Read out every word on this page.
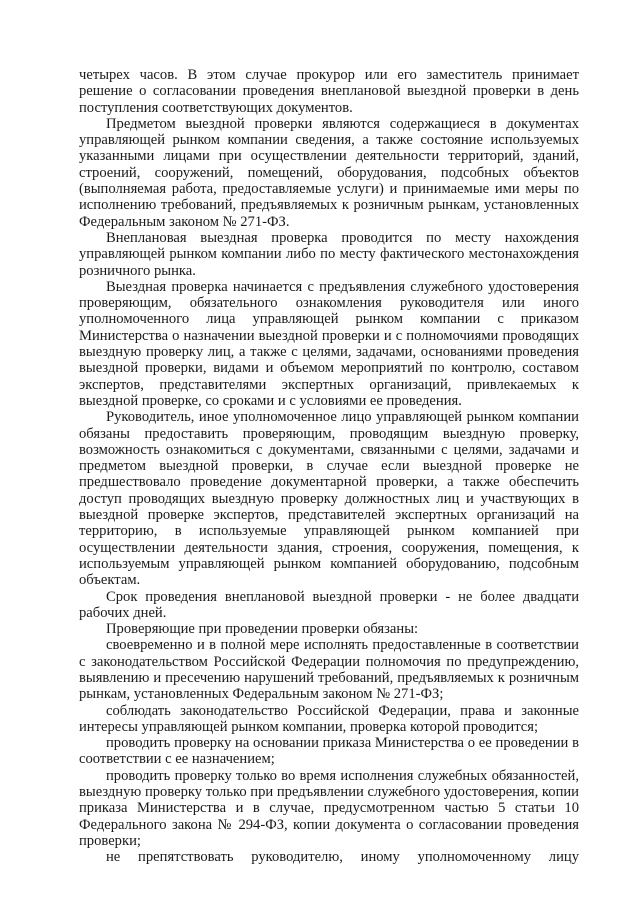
четырех часов. В этом случае прокурор или его заместитель принимает решение о согласовании проведения внеплановой выездной проверки в день поступления соответствующих документов.

Предметом выездной проверки являются содержащиеся в документах управляющей рынком компании сведения, а также состояние используемых указанными лицами при осуществлении деятельности территорий, зданий, строений, сооружений, помещений, оборудования, подсобных объектов (выполняемая работа, предоставляемые услуги) и принимаемые ими меры по исполнению требований, предъявляемых к розничным рынкам, установленных Федеральным законом № 271-ФЗ.

Внеплановая выездная проверка проводится по месту нахождения управляющей рынком компании либо по месту фактического местонахождения розничного рынка.

Выездная проверка начинается с предъявления служебного удостоверения проверяющим, обязательного ознакомления руководителя или иного уполномоченного лица управляющей рынком компании с приказом Министерства о назначении выездной проверки и с полномочиями проводящих выездную проверку лиц, а также с целями, задачами, основаниями проведения выездной проверки, видами и объемом мероприятий по контролю, составом экспертов, представителями экспертных организаций, привлекаемых к выездной проверке, со сроками и с условиями ее проведения.

Руководитель, иное уполномоченное лицо управляющей рынком компании обязаны предоставить проверяющим, проводящим выездную проверку, возможность ознакомиться с документами, связанными с целями, задачами и предметом выездной проверки, в случае если выездной проверке не предшествовало проведение документарной проверки, а также обеспечить доступ проводящих выездную проверку должностных лиц и участвующих в выездной проверке экспертов, представителей экспертных организаций на территорию, в используемые управляющей рынком компанией при осуществлении деятельности здания, строения, сооружения, помещения, к используемым управляющей рынком компанией оборудованию, подсобным объектам.

Срок проведения внеплановой выездной проверки - не более двадцати рабочих дней.

Проверяющие при проведении проверки обязаны:

своевременно и в полной мере исполнять предоставленные в соответствии с законодательством Российской Федерации полномочия по предупреждению, выявлению и пресечению нарушений требований, предъявляемых к розничным рынкам, установленных Федеральным законом № 271-ФЗ;

соблюдать законодательство Российской Федерации, права и законные интересы управляющей рынком компании, проверка которой проводится;

проводить проверку на основании приказа Министерства о ее проведении в соответствии с ее назначением;

проводить проверку только во время исполнения служебных обязанностей, выездную проверку только при предъявлении служебного удостоверения, копии приказа Министерства и в случае, предусмотренном частью 5 статьи 10 Федерального закона № 294-ФЗ, копии документа о согласовании проведения проверки;

не препятствовать руководителю, иному уполномоченному лицу
